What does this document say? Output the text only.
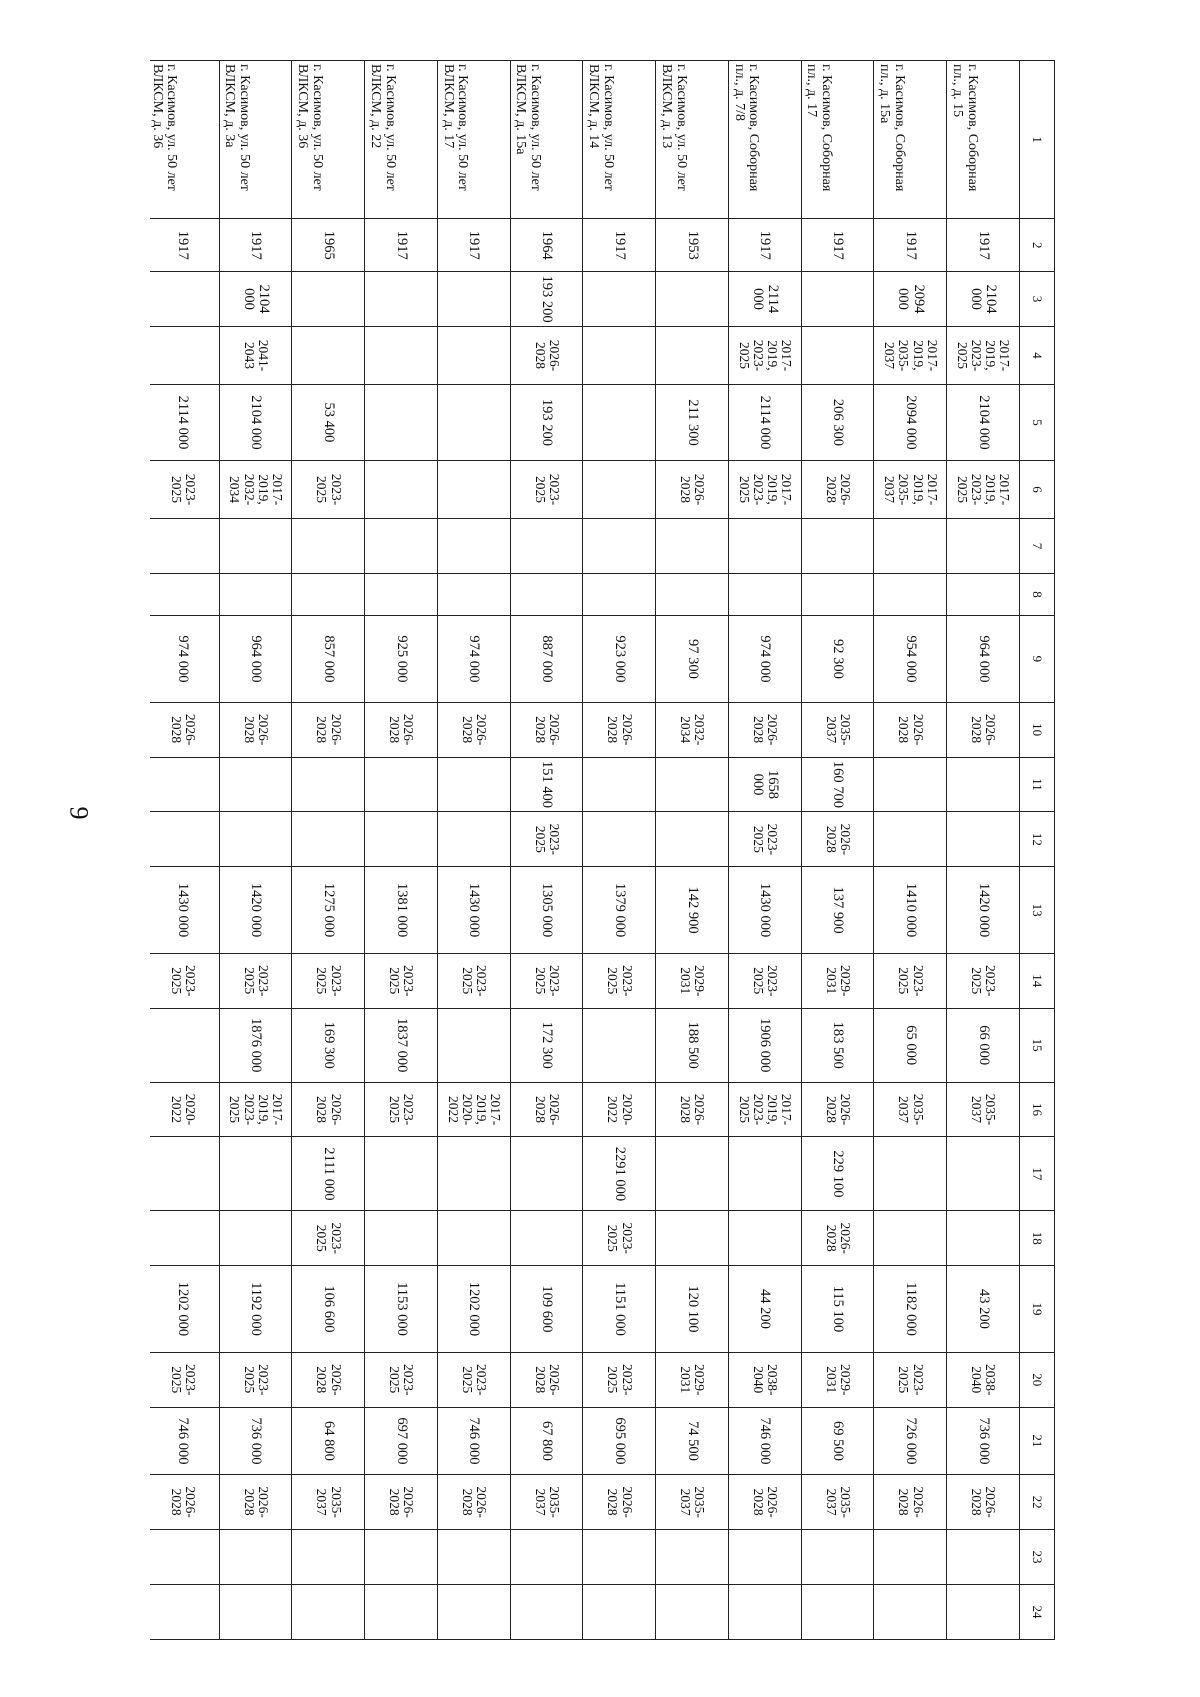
9
1	2	3	4	5	6	7	8	9	10	11	12	13	14	15	16	17	18	19	20	21	22	23	24

г. Касимов, Соборная пл., д. 15	1917	2104 000	2017-2019, 2023-2025	2104 000	2017-2019, 2023-2025			964 000	2026-2028			1420 000	2023-2025	66 000	2035-2037			43 200	2038-2040	736 000	2026-2028		

г. Касимов, Соборная пл., д. 15а	1917	2094 000	2017-2019, 2035-2037	2094 000	2017-2019, 2035-2037			954 000	2026-2028			1410 000	2023-2025	65 000	2035-2037			1182 000	2023-2025	726 000	2026-2028		

г. Касимов, Соборная пл., д. 17	1917			206 300	2026-2028			92 300	2035-2037	160 700	2026-2028	137 900	2029-2031	183 500	2026-2028	229 100	2026-2028	115 100	2029-2031	69 500	2035-2037		

г. Касимов, Соборная пл., д. 7/8	1917	2114 000	2017-2019, 2023-2025	2114 000	2017-2019, 2023-2025			974 000	2026-2028	1658 000	2023-2025	1430 000	2023-2025	1906 000	2017-2019, 2023-2025			44 200	2038-2040	746 000	2026-2028		

г. Касимов, ул. 50 лет ВЛКСМ, д. 13	1953			211 300	2026-2028			97 300	2032-2034			142 900	2029-2031	188 500	2026-2028			120 100	2029-2031	74 500	2035-2037		

г. Касимов, ул. 50 лет ВЛКСМ, д. 14	1917							923 000	2026-2028			1379 000	2023-2025		2020-2022	2291 000	2023-2025	1151 000	2023-2025	695 000	2026-2028		

г. Касимов, ул. 50 лет ВЛКСМ, д. 15а	1964	193 200	2026-2028	193 200	2023-2025			887 000	2026-2028	151 400	2023-2025	1305 000	2023-2025	172 300	2026-2028			109 600	2026-2028	67 800	2035-2037		

г. Касимов, ул. 50 лет ВЛКСМ, д. 17	1917							974 000	2026-2028			1430 000	2023-2025		2017-2019, 2020-2022			1202 000	2023-2025	746 000	2026-2028		

г. Касимов, ул. 50 лет ВЛКСМ, д. 22	1917							925 000	2026-2028			1381 000	2023-2025	1837 000	2023-2025			1153 000	2023-2025	697 000	2026-2028		

г. Касимов, ул. 50 лет ВЛКСМ, д. 36	1965			53 400	2023-2025			857 000	2026-2028			1275 000	2023-2025	169 300	2026-2028	2111 000	2023-2025	106 600	2026-2028	64 800	2035-2037		

г. Касимов, ул. 50 лет ВЛКСМ, д. 3а	1917	2104 000	2041-2043	2104 000	2017-2019, 2032-2034			964 000	2026-2028			1420 000	2023-2025	1876 000	2017-2019, 2023-2025			1192 000	2023-2025	736 000	2026-2028		

г. Касимов, ул. 50 лет ВЛКСМ, д. 36	1917			2114 000	2023-2025			974 000	2026-2028			1430 000	2023-2025		2020-2022			1202 000	2023-2025	746 000	2026-2028		
